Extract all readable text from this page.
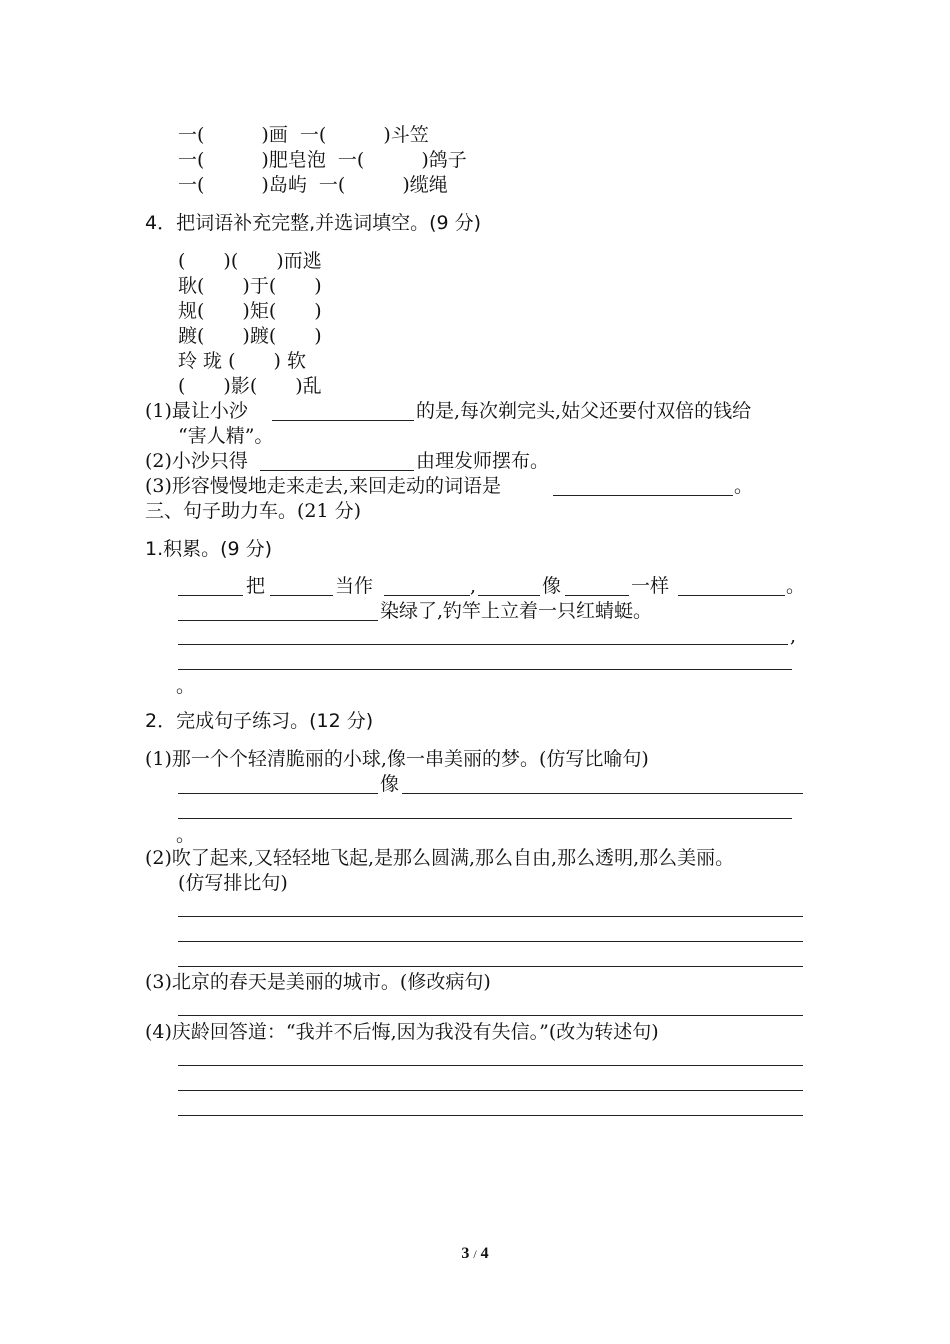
一(　　　)画  一(　　　)斗笠
一(　　　)肥皂泡  一(　　　)鸽子
一(　　　)岛屿  一(　　　)缆绳
4．把词语补充完整,并选词填空。(9 分)
(　　)(　　)而逃
耿(　　)于(　　)
规(　　)矩(　　)
踱(　　)踱(　　)
玲 珑 (　　) 软
(　　)影(　　)乱
(1)最让小沙	的是,每次剃完头,姑父还要付双倍的钱给
“害人精”。
(2)小沙只得	由理发师摆布。
(3)形容慢慢地走来走去,来回走动的词语是	。
三、句子助力车。(21 分)
1.积累。(9 分)
把	当作	,	像	一样	。
染绿了,钓竿上立着一只红蜻蜓。
,
。
2．完成句子练习。(12 分)
(1)那一个个轻清脆丽的小球,像一串美丽的梦。(仿写比喻句)
像
。
(2)吹了起来,又轻轻地飞起,是那么圆满,那么自由,那么透明,那么美丽。
(仿写排比句)
(3)北京的春天是美丽的城市。(修改病句)
(4)庆龄回答道：“我并不后悔,因为我没有失信。”(改为转述句)
3 / 4
